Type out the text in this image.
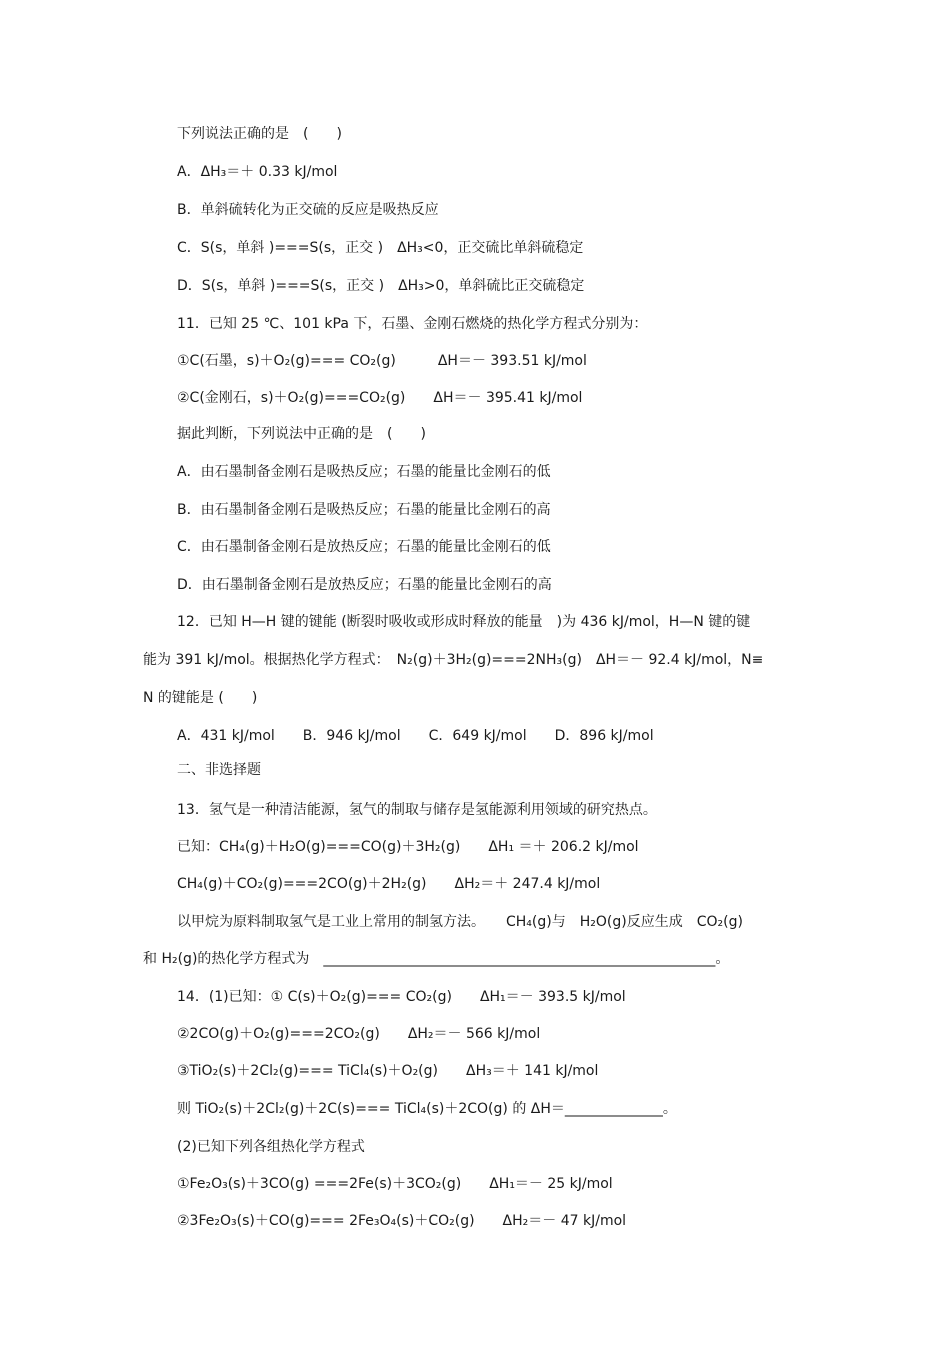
下列说法正确的是　(　　)
A．ΔH₃＝＋ 0.33 kJ/mol
B．单斜硫转化为正交硫的反应是吸热反应
C．S(s，单斜 )===S(s，正交 )　ΔH₃<0，正交硫比单斜硫稳定
D．S(s，单斜 )===S(s，正交 )　ΔH₃>0，单斜硫比正交硫稳定
11．已知 25 ℃、101 kPa 下，石墨、金刚石燃烧的热化学方程式分别为：
①C(石墨，s)＋O₂(g)=== CO₂(g)　　　ΔH＝－ 393.51 kJ/mol
②C(金刚石，s)＋O₂(g)===CO₂(g)　　ΔH＝－ 395.41 kJ/mol
据此判断，下列说法中正确的是　(　　)
A．由石墨制备金刚石是吸热反应；石墨的能量比金刚石的低
B．由石墨制备金刚石是吸热反应；石墨的能量比金刚石的高
C．由石墨制备金刚石是放热反应；石墨的能量比金刚石的低
D．由石墨制备金刚石是放热反应；石墨的能量比金刚石的高
12．已知 H—H 键的键能 (断裂时吸收或形成时释放的能量　)为 436 kJ/mol，H—N 键的键
能为 391 kJ/mol。根据热化学方程式：　N₂(g)＋3H₂(g)===2NH₃(g)　ΔH＝－ 92.4 kJ/mol，N≡
N 的键能是 (　　)
A．431 kJ/mol　　B．946 kJ/mol　　C．649 kJ/mol　　D．896 kJ/mol
二、非选择题
13．氢气是一种清洁能源，氢气的制取与储存是氢能源利用领域的研究热点。
已知：CH₄(g)＋H₂O(g)===CO(g)＋3H₂(g)　　ΔH₁ ＝＋ 206.2 kJ/mol
CH₄(g)＋CO₂(g)===2CO(g)＋2H₂(g)　　ΔH₂＝＋ 247.4 kJ/mol
以甲烷为原料制取氢气是工业上常用的制氢方法。　　CH₄(g)与　H₂O(g)反应生成　CO₂(g)
和 H₂(g)的热化学方程式为　________________________________________________________。
14．(1)已知：① C(s)＋O₂(g)=== CO₂(g)　　ΔH₁＝－ 393.5 kJ/mol
②2CO(g)＋O₂(g)===2CO₂(g)　　ΔH₂＝－ 566 kJ/mol
③TiO₂(s)＋2Cl₂(g)=== TiCl₄(s)＋O₂(g)　　ΔH₃＝＋ 141 kJ/mol
则 TiO₂(s)＋2Cl₂(g)＋2C(s)=== TiCl₄(s)＋2CO(g) 的 ΔH＝______________。
(2)已知下列各组热化学方程式
①Fe₂O₃(s)＋3CO(g) ===2Fe(s)＋3CO₂(g)　　ΔH₁＝－ 25 kJ/mol
②3Fe₂O₃(s)＋CO(g)=== 2Fe₃O₄(s)＋CO₂(g)　　ΔH₂＝－ 47 kJ/mol
